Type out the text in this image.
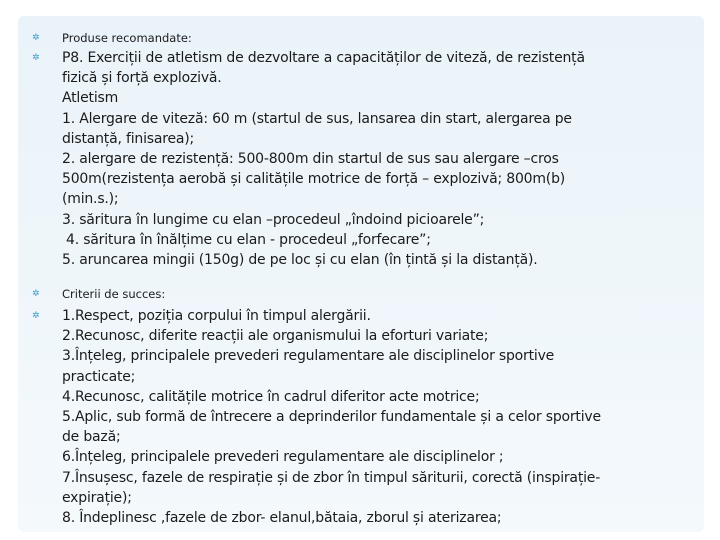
✲	Produse recomandate:
✲	P8. Exerciții de atletism de dezvoltare a capacităților de viteză, de rezistență
fizică și forță explozivă.
Atletism
1. Alergare de viteză: 60 m (startul de sus, lansarea din start, alergarea pe
distanță, finisarea);
2. alergare de rezistență: 500-800m din startul de sus sau alergare –cros
500m(rezistența aerobă și calitățile motrice de forță – explozivă; 800m(b)
(min.s.);
3. săritura în lungime cu elan –procedeul „îndoind picioarele”;
4. săritura în înălțime cu elan - procedeul „forfecare”;
5. aruncarea mingii (150g) de pe loc și cu elan (în țintă și la distanță).
✲	Criterii de succes:
✲	1.Respect, poziția corpului în timpul alergării.
2.Recunosc, diferite reacții ale organismului la eforturi variate;
3.Înțeleg, principalele prevederi regulamentare ale disciplinelor sportive
practicate;
4.Recunosc, calitățile motrice în cadrul diferitor acte motrice;
5.Aplic, sub formă de întrecere a deprinderilor fundamentale și a celor sportive
de bază;
6.Înțeleg, principalele prevederi regulamentare ale disciplinelor ;
7.Însușesc, fazele de respirație și de zbor în timpul săriturii, corectă (inspirație-
expirație);
8. Îndeplinesc ,fazele de zbor- elanul,bătaia, zborul și aterizarea;
